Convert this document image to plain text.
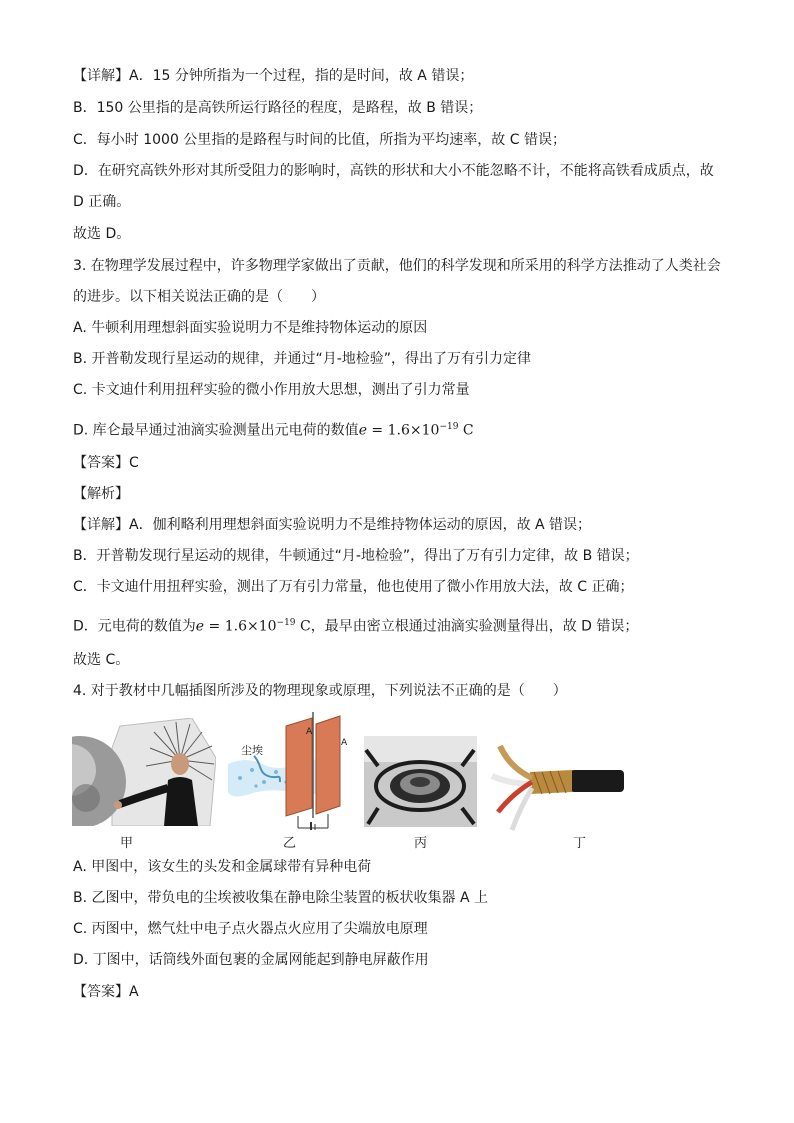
【详解】A．15 分钟所指为一个过程，指的是时间，故 A 错误；
B．150 公里指的是高铁所运行路径的程度，是路程，故 B 错误；
C．每小时 1000 公里指的是路程与时间的比值，所指为平均速率，故 C 错误；
D．在研究高铁外形对其所受阻力的影响时，高铁的形状和大小不能忽略不计，不能将高铁看成质点，故
D 正确。
故选 D。
3. 在物理学发展过程中，许多物理学家做出了贡献，他们的科学发现和所采用的科学方法推动了人类社会
的进步。以下相关说法正确的是（　　）
A. 牛顿利用理想斜面实验说明力不是维持物体运动的原因
B. 开普勒发现行星运动的规律，并通过“月-地检验”，得出了万有引力定律
C. 卡文迪什利用扭秤实验的微小作用放大思想，测出了引力常量
D. 库仑最早通过油滴实验测量出元电荷的数值$e = 1.6\times 10^{-19}$ C
【答案】C
【解析】
【详解】A．伽利略利用理想斜面实验说明力不是维持物体运动的原因，故 A 错误；
B．开普勒发现行星运动的规律，牛顿通过“月-地检验”，得出了万有引力定律，故 B 错误；
C．卡文迪什用扭秤实验，测出了万有引力常量，他也使用了微小作用放大法，故 C 正确；
D．元电荷的数值为$e = 1.6\times 10^{-19}$ C，最早由密立根通过油滴实验测量得出，故 D 错误；
故选 C。
4. 对于教材中几幅插图所涉及的物理现象或原理，下列说法不正确的是（　　）
尘埃
A
A
甲	乙	丙	丁
A. 甲图中，该女生的头发和金属球带有异种电荷
B. 乙图中，带负电的尘埃被收集在静电除尘装置的板状收集器 A 上
C. 丙图中，燃气灶中电子点火器点火应用了尖端放电原理
D. 丁图中，话筒线外面包裹的金属网能起到静电屏蔽作用
【答案】A
